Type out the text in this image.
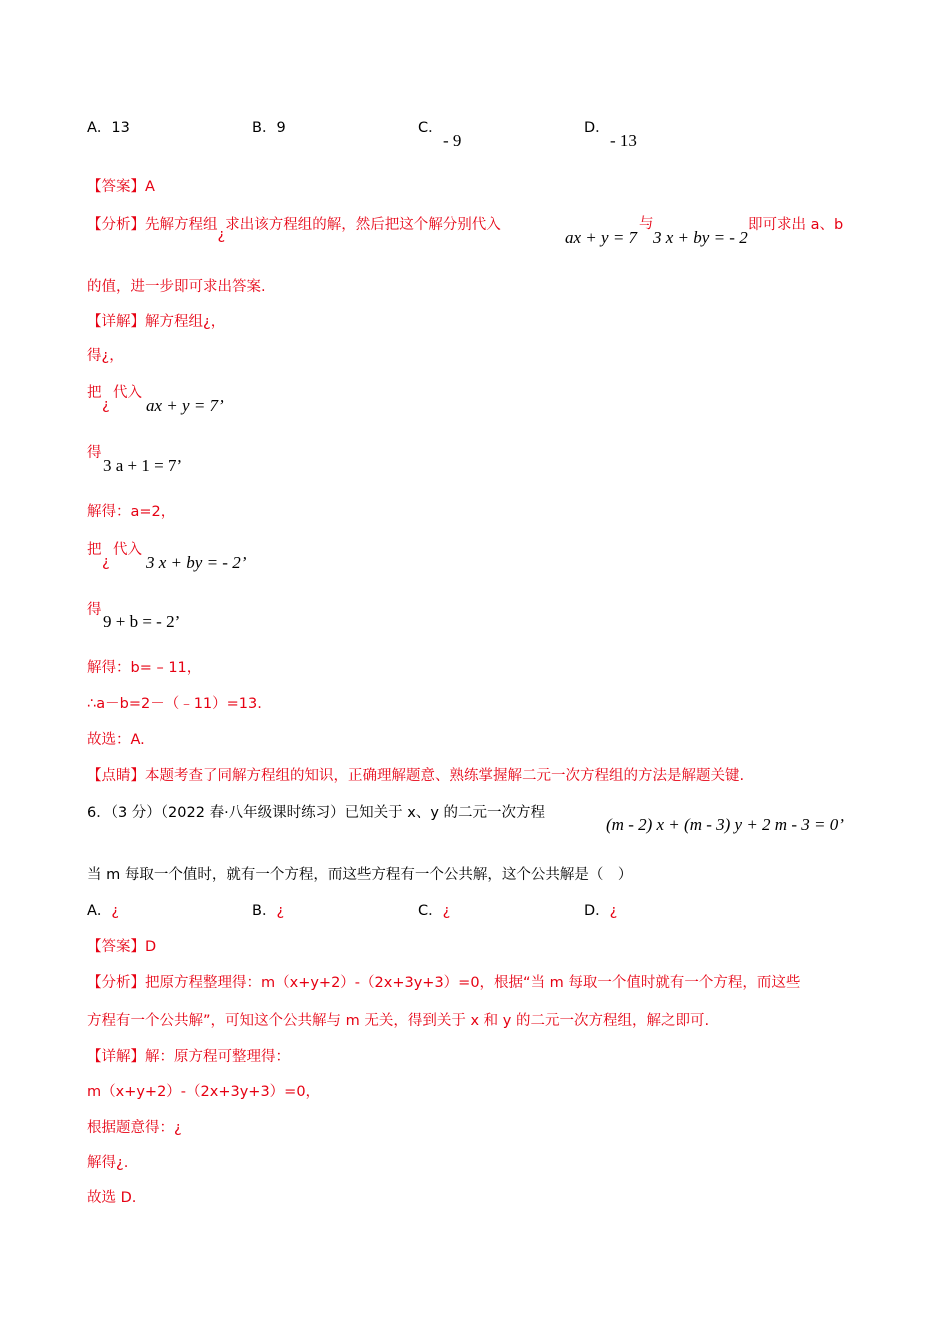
A．13	B．9	C．
- 9
D．
- 13
【答案】A
【分析】先解方程组¿求出该方程组的解，然后把这个解分别代入
ax + y = 7
与
3 x + by = - 2
即可求出 a、b
的值，进一步即可求出答案.
【详解】解方程组¿，
得¿，
把
¿
代入
ax + y = 7’
得
3 a + 1 = 7’
解得：a=2，
把
¿
代入
3 x + by = - 2’
得
9 + b = - 2’
解得：b= – 11，
∴a－b=2－（﹣11）=13.
故选：A.
【点睛】本题考查了同解方程组的知识，正确理解题意、熟练掌握解二元一次方程组的方法是解题关键.
6．（3 分）（2022 春·八年级课时练习）已知关于 x、y 的二元一次方程
(m - 2) x + (m - 3) y + 2 m - 3 = 0’
当 m 每取一个值时，就有一个方程，而这些方程有一个公共解，这个公共解是（　）
A．¿	B．¿	C．¿	D．¿
【答案】D
【分析】把原方程整理得：m（x+y+2）-（2x+3y+3）=0，根据“当 m 每取一个值时就有一个方程，而这些
方程有一个公共解”，可知这个公共解与 m 无关，得到关于 x 和 y 的二元一次方程组，解之即可.
【详解】解：原方程可整理得：
m（x+y+2）-（2x+3y+3）=0，
根据题意得：¿
解得¿.
故选 D.
